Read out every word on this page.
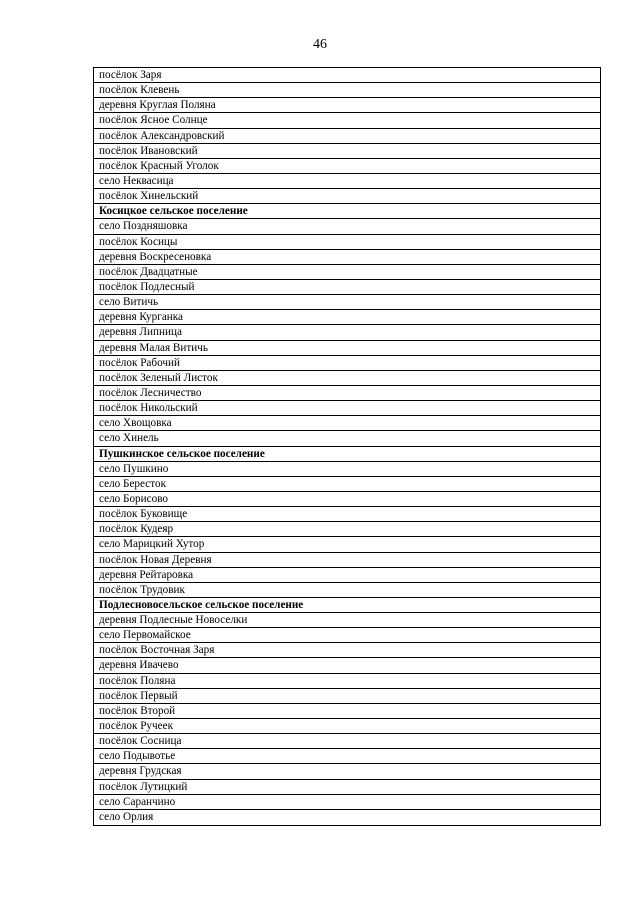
46
посёлок Заря
посёлок Клевень
деревня Круглая Поляна
посёлок Ясное Солнце
посёлок Александровский
посёлок Ивановский
посёлок Красный Уголок
село Неквасица
посёлок Хинельский
Косицкое сельское поселение
село Поздняшовка
посёлок Косицы
деревня Воскресеновка
посёлок Двадцатные
посёлок Подлесный
село Витичь
деревня Курганка
деревня Липница
деревня Малая Витичь
посёлок Рабочий
посёлок Зеленый Листок
посёлок Лесничество
посёлок Никольский
село Хвощовка
село Хинель
Пушкинское сельское поселение
село Пушкино
село Бересток
село Борисово
посёлок Буковище
посёлок Кудеяр
село Марицкий Хутор
посёлок Новая Деревня
деревня Рейтаровка
посёлок Трудовик
Подлесновосельское сельское поселение
деревня Подлесные Новоселки
село Первомайское
посёлок Восточная Заря
деревня Ивачево
посёлок Поляна
посёлок Первый
посёлок Второй
посёлок Ручеек
посёлок Сосница
село Подывотье
деревня Грудская
посёлок Лутицкий
село Саранчино
село Орлия
